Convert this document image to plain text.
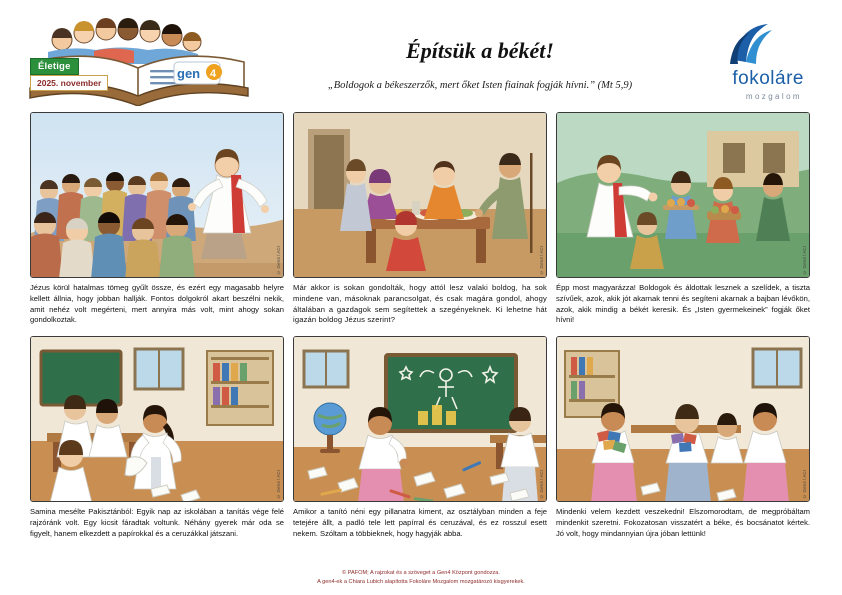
gen 4
Életige
2025. november
Építsük a békét!
„Boldogok a békeszerzők, mert őket Isten fiainak fogják hívni.” (Mt 5,9)	fokoláre
mozgalom
© Gen4 / ACI
Jézus körül hatalmas tömeg gyűlt össze, és ezért egy magasabb helyre kellett állnia, hogy jobban hallják. Fontos dolgokról akart beszélni nekik, amit nehéz volt megérteni, mert annyira más volt, mint ahogy sokan gondolkoztak.
© Gen4 / ACI
Már akkor is sokan gondolták, hogy attól lesz valaki boldog, ha sok mindene van, másoknak parancsolgat, és csak magára gondol, ahogy általában a gazdagok sem segítettek a szegényeknek. Ki lehetne hát igazán boldog Jézus szerint?
© Gen4 / ACI
Épp most magyarázza! Boldogok és áldottak lesznek a szelídek, a tiszta szívűek, azok, akik jót akarnak tenni és segíteni akarnak a bajban lévőkön, azok, akik mindig a békét keresik. És „Isten gyermekeinek” fogják őket hívni!
© Gen4 / ACI
Samina mesélte Pakisztánból: Egyik nap az iskolában a tanítás vége felé rajzóránk volt. Egy kicsit fáradtak voltunk. Néhány gyerek már oda se figyelt, hanem elkezdett a papírokkal és a ceruzákkal játszani.
© Gen4 / ACI
Amikor a tanító néni egy pillanatra kiment, az osztályban minden a feje tetejére állt, a padló tele lett papírral és ceruzával, és ez rosszul esett nekem. Szóltam a többieknek, hogy hagyják abba.
© Gen4 / ACI
Mindenki velem kezdett veszekedni! Elszomorodtam, de megpróbáltam mindenkit szeretni. Fokozatosan visszatért a béke, és bocsánatot kértek. Jó volt, hogy mindannyian újra jóban lettünk!
© PAFOM; A rajzokat és a szöveget a Gen4 Központ gondozza.
A gen4-ek a Chiara Lubich alapította Fokoláre Mozgalom mozgatározó kisgyerekek.
